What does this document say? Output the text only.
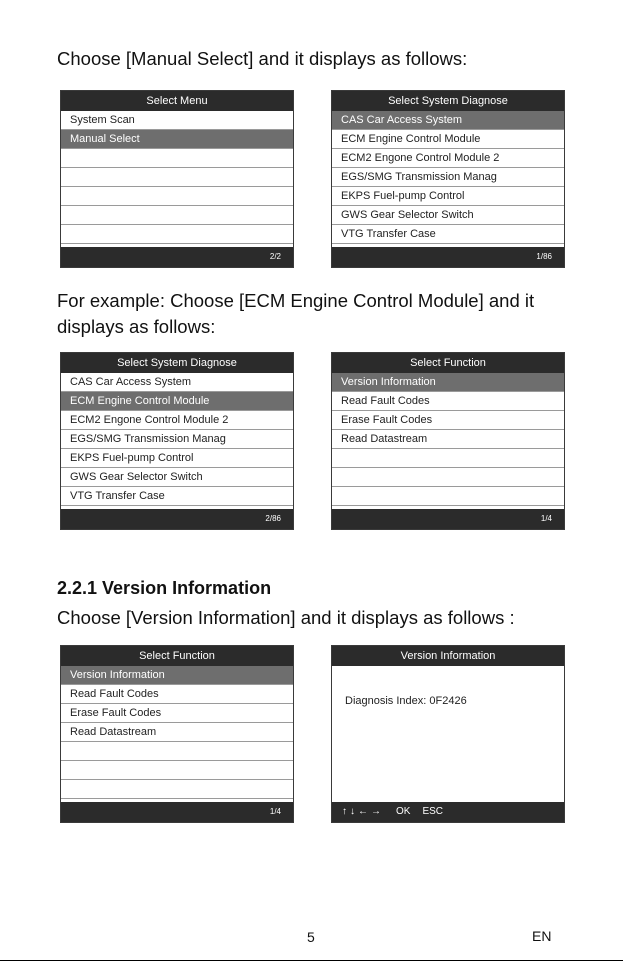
Choose [Manual Select] and it displays as follows:

Select Menu
System Scan
Manual Select
2/2
Select System Diagnose
CAS Car Access System
ECM Engine Control Module
ECM2 Engone Control Module 2
EGS/SMG Transmission Manag
EKPS Fuel-pump Control
GWS Gear Selector Switch
VTG Transfer Case
1/86

For example: Choose [ECM Engine Control Module] and it

displays as follows:

Select System Diagnose
CAS Car Access System
ECM Engine Control Module
ECM2 Engone Control Module 2
EGS/SMG Transmission Manag
EKPS Fuel-pump Control
GWS Gear Selector Switch
VTG Transfer Case
2/86
Select Function
Version Information
Read Fault Codes
Erase Fault Codes
Read Datastream
1/4
2.2.1 Version Information

Choose [Version Information] and it displays as follows :

Select Function
Version Information
Read Fault Codes
Erase Fault Codes
Read Datastream
1/4
Version Information
Diagnosis Index: 0F2426
↑ ↓ ← → OK ESC
5	EN
